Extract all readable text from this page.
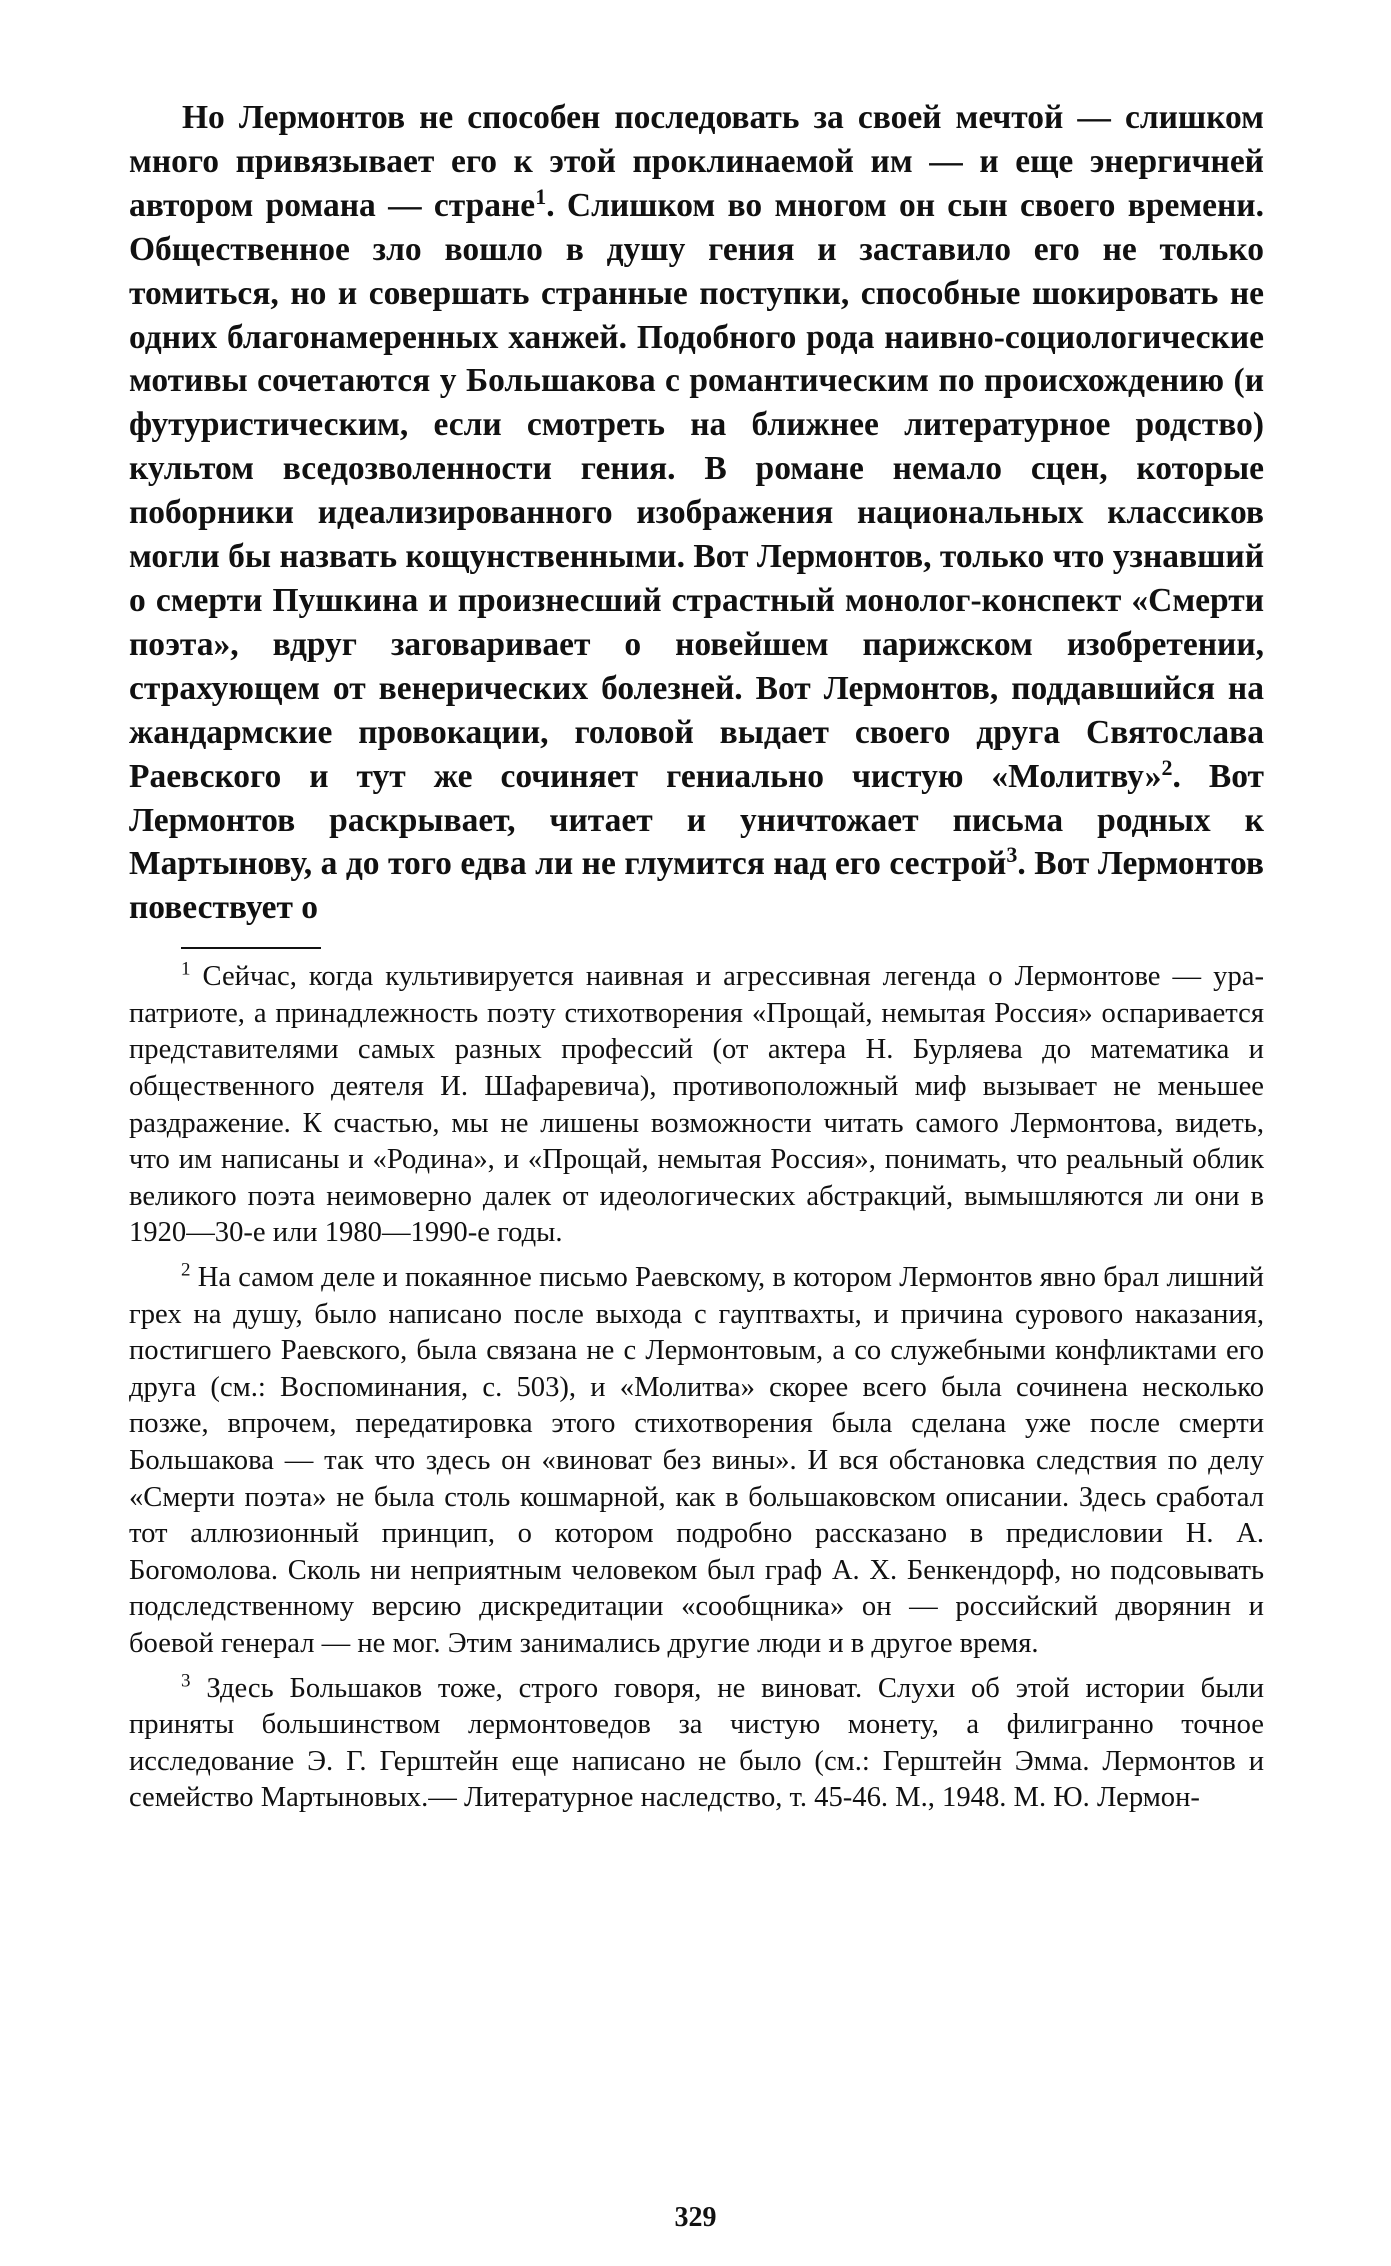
Но Лермонтов не способен последовать за своей мечтой — слишком много привязывает его к этой проклинаемой им — и еще энергичней автором романа — стране$^1$. Слишком во многом он сын своего времени. Общественное зло вошло в душу гения и заставило его не только томиться, но и совершать странные поступки, способные шокировать не одних благонамеренных ханжей. Подобного рода наивно-социологические мотивы сочетаются у Большакова с романтическим по происхождению (и футуристическим, если смотреть на ближнее литературное родство) культом вседозволенности гения. В романе немало сцен, которые поборники идеализированного изображения национальных классиков могли бы назвать кощунственными. Вот Лермонтов, только что узнавший о смерти Пушкина и произнесший страстный монолог-конспект «Смерти поэта», вдруг заговаривает о новейшем парижском изобретении, страхующем от венерических болезней. Вот Лермонтов, поддавшийся на жандармские провокации, головой выдает своего друга Святослава Раевского и тут же сочиняет гениально чистую «Молитву»$^2$. Вот Лермонтов раскрывает, читает и уничтожает письма родных к Мартынову, а до того едва ли не глумится над его сестрой$^3$. Вот Лермонтов повествует о

$^1$ Сейчас, когда культивируется наивная и агрессивная легенда о Лермонтове — ура-патриоте, а принадлежность поэту стихотворения «Прощай, немытая Россия» оспаривается представителями самых разных профессий (от актера Н. Бурляева до математика и общественного деятеля И. Шафаревича), противоположный миф вызывает не меньшее раздражение. К счастью, мы не лишены возможности читать самого Лермонтова, видеть, что им написаны и «Родина», и «Прощай, немытая Россия», понимать, что реальный облик великого поэта неимоверно далек от идеологических абстракций, вымышляются ли они в 1920—30-е или 1980—1990-е годы.

$^2$ На самом деле и покаянное письмо Раевскому, в котором Лермонтов явно брал лишний грех на душу, было написано после выхода с гауптвахты, и причина сурового наказания, постигшего Раевского, была связана не с Лермонтовым, а со служебными конфликтами его друга (см.: Воспоминания, с. 503), и «Молитва» скорее всего была сочинена несколько позже, впрочем, передатировка этого стихотворения была сделана уже после смерти Большакова — так что здесь он «виноват без вины». И вся обстановка следствия по делу «Смерти поэта» не была столь кошмарной, как в большаковском описании. Здесь сработал тот аллюзионный принцип, о котором подробно рассказано в предисловии Н. А. Богомолова. Сколь ни неприятным человеком был граф А. Х. Бенкендорф, но подсовывать подследственному версию дискредитации «сообщника» он — российский дворянин и боевой генерал — не мог. Этим занимались другие люди и в другое время.

$^3$ Здесь Большаков тоже, строго говоря, не виноват. Слухи об этой истории были приняты большинством лермонтоведов за чистую монету, а филигранно точное исследование Э. Г. Герштейн еще написано не было (см.: Герштейн Эмма. Лермонтов и семейство Мартыновых.— Литературное наследство, т. 45-46. М., 1948. М. Ю. Лермон-

329
